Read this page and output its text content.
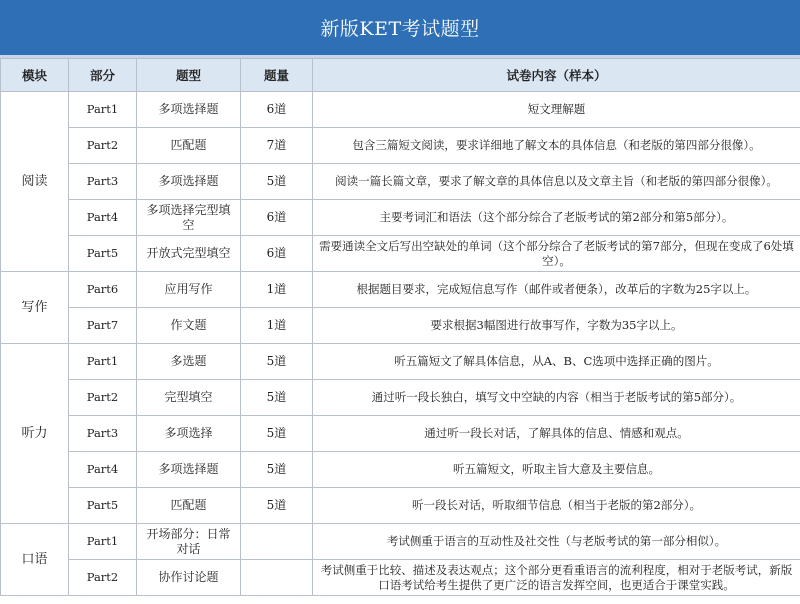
新版KET考试题型
模块	部分	题型	题量	试卷内容（样本）
阅读	Part1	多项选择题	6道	短文理解题
	Part2	匹配题	7道	包含三篇短文阅读，要求详细地了解文本的具体信息（和老版的第四部分很像）。
	Part3	多项选择题	5道	阅读一篇长篇文章，要求了解文章的具体信息以及文章主旨（和老版的第四部分很像）。
	Part4	多项选择完型填空	6道	主要考词汇和语法（这个部分综合了老版考试的第2部分和第5部分）。
	Part5	开放式完型填空	6道	需要通读全文后写出空缺处的单词（这个部分综合了老版考试的第7部分，但现在变成了6处填空）。
写作	Part6	应用写作	1道	根据题目要求，完成短信息写作（邮件或者便条），改革后的字数为25字以上。
	Part7	作文题	1道	要求根据3幅图进行故事写作，字数为35字以上。
听力	Part1	多选题	5道	听五篇短文了解具体信息，从A、B、C选项中选择正确的图片。
	Part2	完型填空	5道	通过听一段长独白，填写文中空缺的内容（相当于老版考试的第5部分）。
	Part3	多项选择	5道	通过听一段长对话，了解具体的信息、情感和观点。
	Part4	多项选择题	5道	听五篇短文，听取主旨大意及主要信息。
	Part5	匹配题	5道	听一段长对话，听取细节信息（相当于老版的第2部分）。
口语	Part1	开场部分：日常对话		考试侧重于语言的互动性及社交性（与老版考试的第一部分相似）。
	Part2	协作讨论题		考试侧重于比较、描述及表达观点；这个部分更看重语言的流利程度，相对于老版考试，新版口语考试给考生提供了更广泛的语言发挥空间，也更适合于课堂实践。
